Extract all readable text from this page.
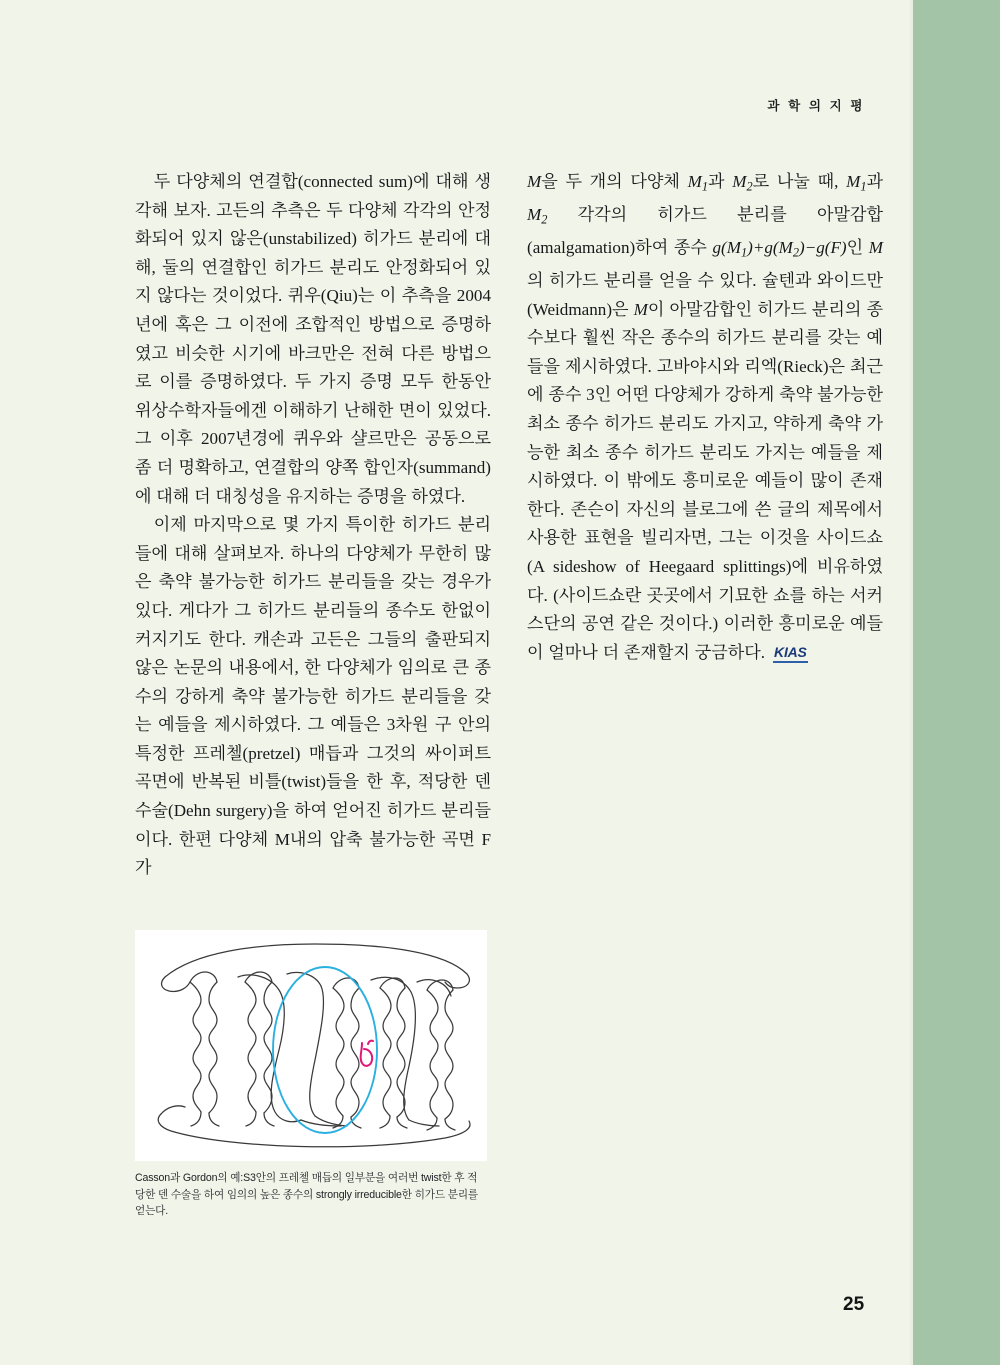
과 학 의 지 평

두 다양체의 연결합(connected sum)에 대해 생각해 보자. 고든의 추측은 두 다양체 각각의 안정화되어 있지 않은(unstabilized) 히가드 분리에 대해, 둘의 연결합인 히가드 분리도 안정화되어 있지 않다는 것이었다. 퀴우(Qiu)는 이 추측을 2004년에 혹은 그 이전에 조합적인 방법으로 증명하였고 비슷한 시기에 바크만은 전혀 다른 방법으로 이를 증명하였다. 두 가지 증명 모두 한동안 위상수학자들에겐 이해하기 난해한 면이 있었다. 그 이후 2007년경에 퀴우와 샬르만은 공동으로 좀 더 명확하고, 연결합의 양쪽 합인자(summand)에 대해 더 대칭성을 유지하는 증명을 하였다.

이제 마지막으로 몇 가지 특이한 히가드 분리들에 대해 살펴보자. 하나의 다양체가 무한히 많은 축약 불가능한 히가드 분리들을 갖는 경우가 있다. 게다가 그 히가드 분리들의 종수도 한없이 커지기도 한다. 캐손과 고든은 그들의 출판되지 않은 논문의 내용에서, 한 다양체가 임의로 큰 종수의 강하게 축약 불가능한 히가드 분리들을 갖는 예들을 제시하였다. 그 예들은 3차원 구 안의 특정한 프레첼(pretzel) 매듭과 그것의 싸이퍼트 곡면에 반복된 비틀(twist)들을 한 후, 적당한 덴 수술(Dehn surgery)을 하여 얻어진 히가드 분리들이다. 한편 다양체 M내의 압축 불가능한 곡면 F가

Casson과 Gordon의 예:S3안의 프레첼 매듭의 일부분을 여러번 twist한 후 적당한 덴 수술을 하여 임의의 높은 종수의 strongly irreducible한 히가드 분리를 얻는다.

M을 두 개의 다양체 $M_1$과 $M_2$로 나눌 때, $M_1$과 $M_2$ 각각의 히가드 분리를 아말감합(amalgamation)하여 종수 $g(M_1)+g(M_2)-g(F)$인 M의 히가드 분리를 얻을 수 있다. 슐텐과 와이드만(Weidmann)은 M이 아말감합인 히가드 분리의 종수보다 훨씬 작은 종수의 히가드 분리를 갖는 예들을 제시하였다. 고바야시와 리엑(Rieck)은 최근에 종수 3인 어떤 다양체가 강하게 축약 불가능한 최소 종수 히가드 분리도 가지고, 약하게 축약 가능한 최소 종수 히가드 분리도 가지는 예들을 제시하였다. 이 밖에도 흥미로운 예들이 많이 존재한다. 존슨이 자신의 블로그에 쓴 글의 제목에서 사용한 표현을 빌리자면, 그는 이것을 사이드쇼(A sideshow of Heegaard splittings)에 비유하였다. (사이드쇼란 곳곳에서 기묘한 쇼를 하는 서커스단의 공연 같은 것이다.) 이러한 흥미로운 예들이 얼마나 더 존재할지 궁금하다. KIAS

25
